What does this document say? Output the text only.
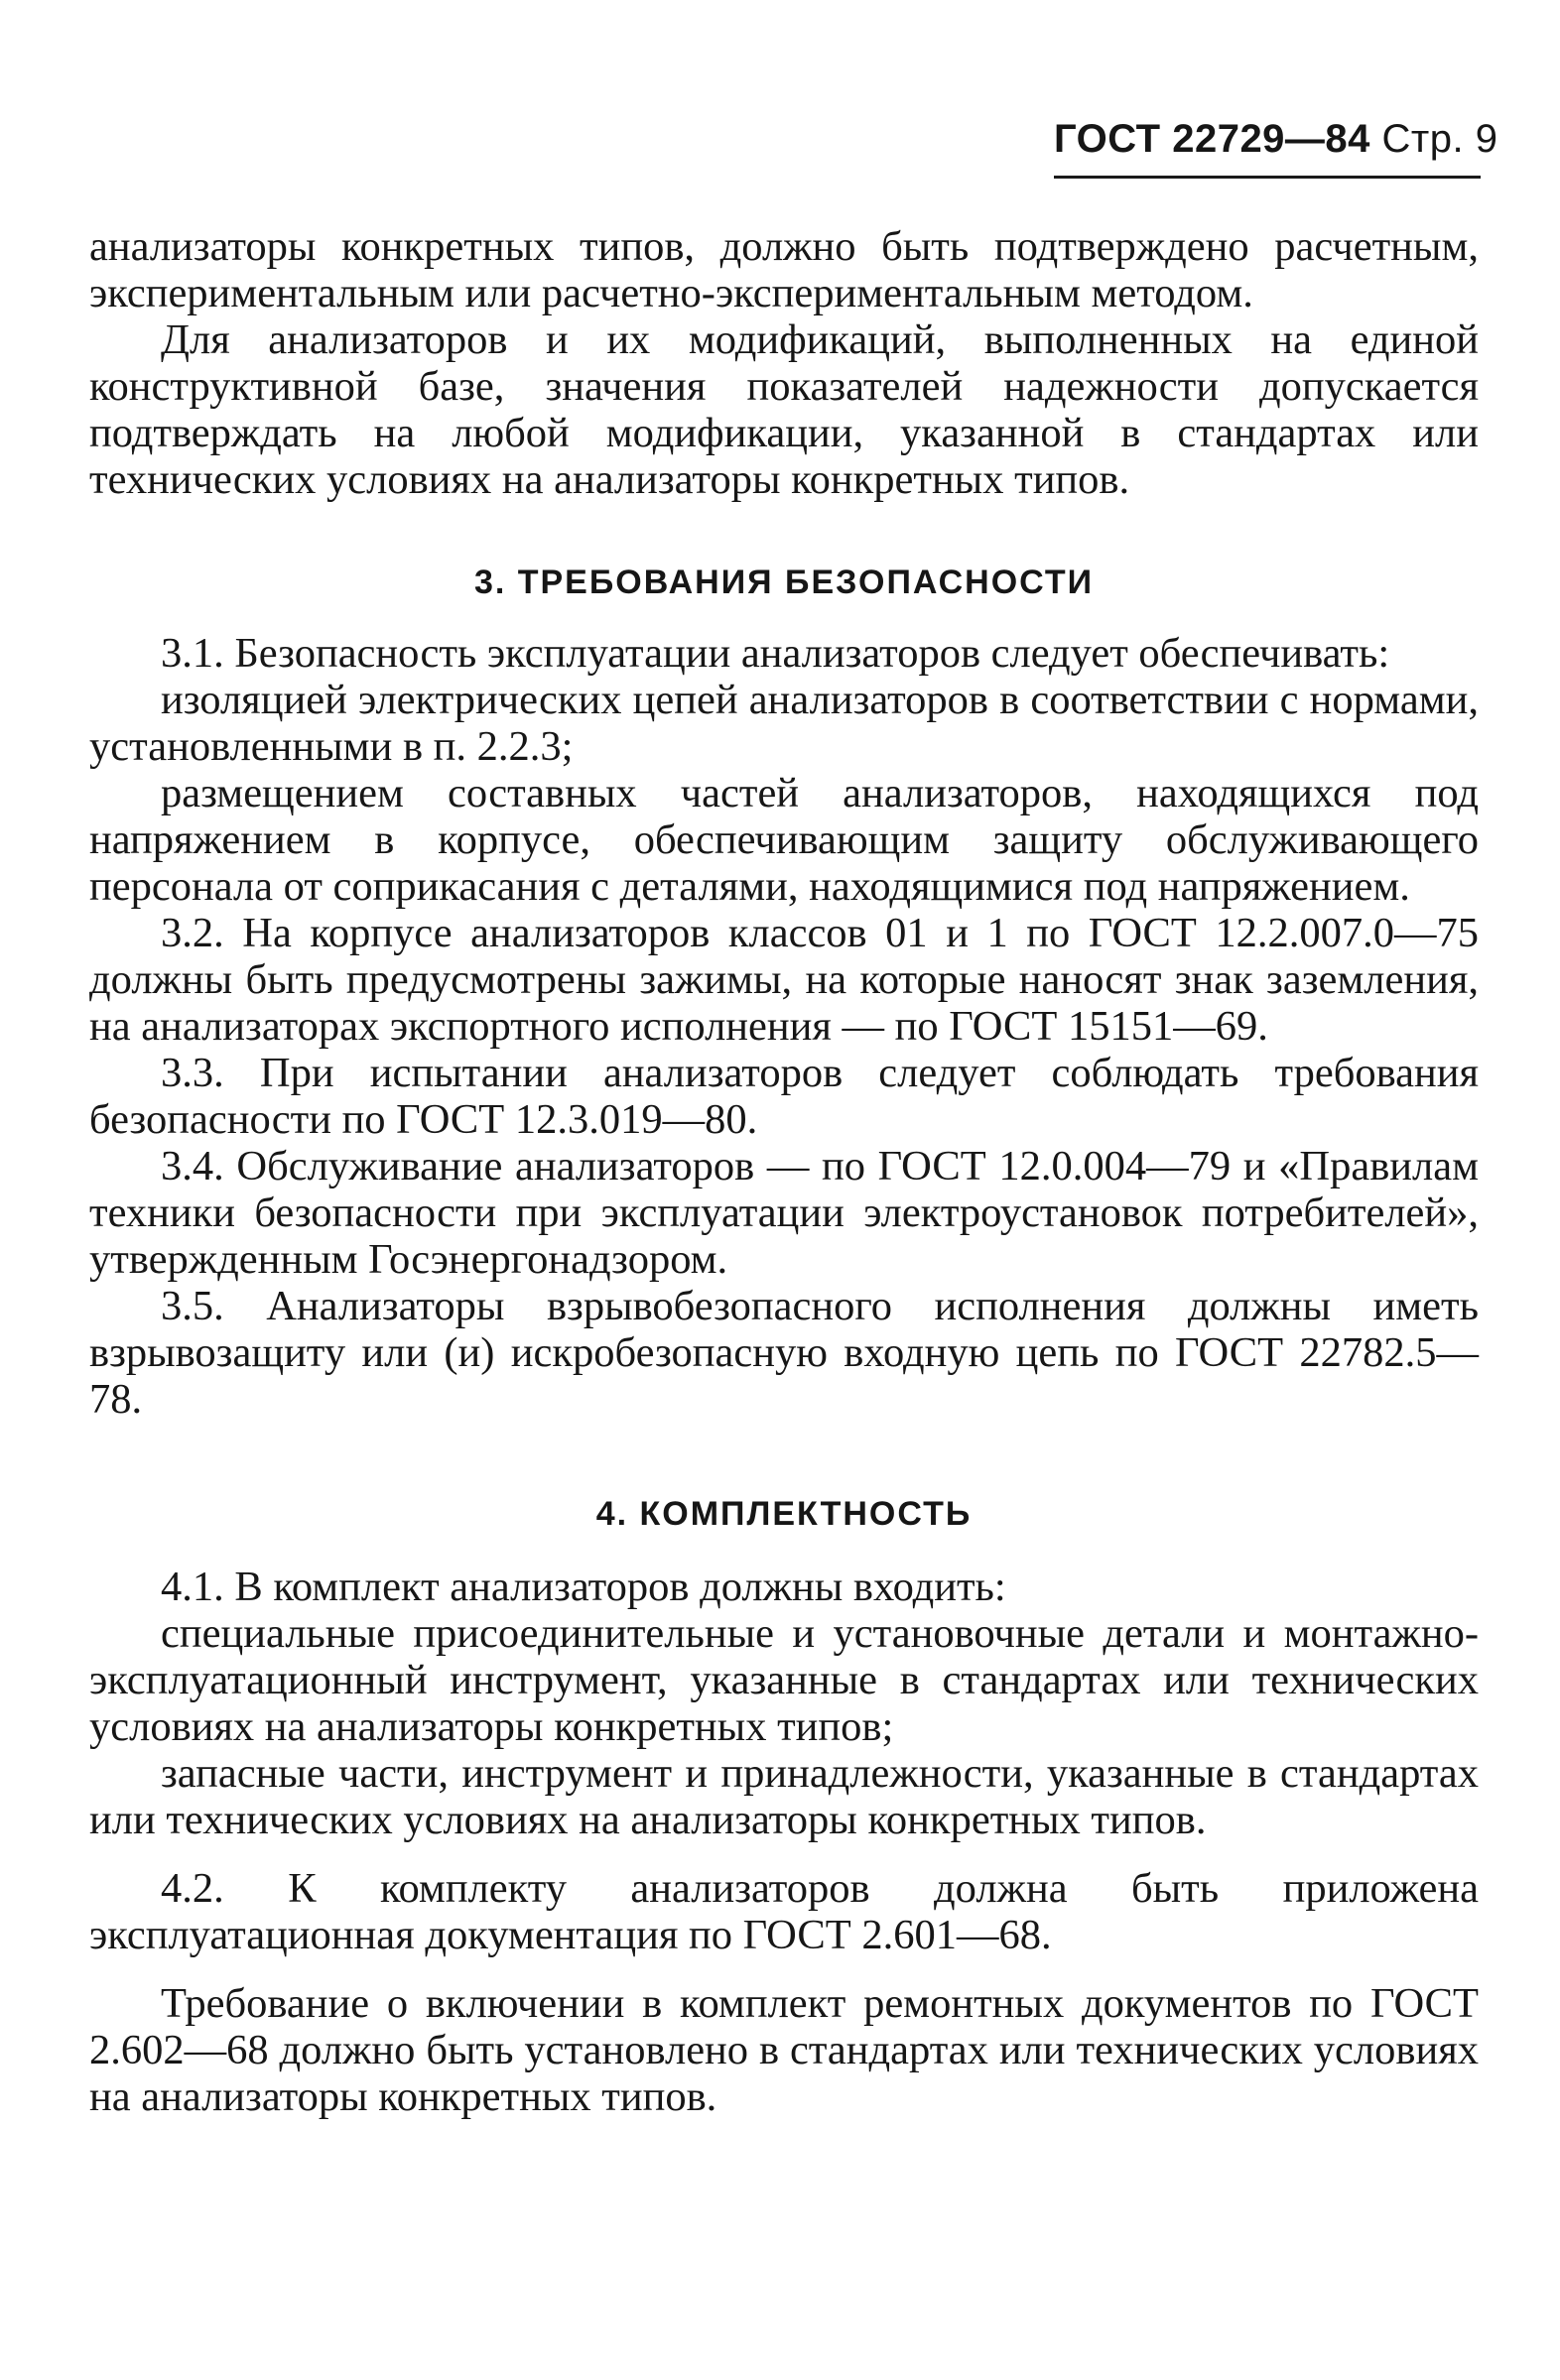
ГОСТ 22729—84 Стр. 9

анализаторы конкретных типов, должно быть подтверждено расчетным, экспериментальным или расчетно-экспериментальным методом.

Для анализаторов и их модификаций, выполненных на единой конструктивной базе, значения показателей надежности допускается подтверждать на любой модификации, указанной в стандартах или технических условиях на анализаторы конкретных типов.

3. ТРЕБОВАНИЯ БЕЗОПАСНОСТИ

3.1. Безопасность эксплуатации анализаторов следует обеспечивать:

изоляцией электрических цепей анализаторов в соответствии с нормами, установленными в п. 2.2.3;

размещением составных частей анализаторов, находящихся под напряжением в корпусе, обеспечивающим защиту обслуживающего персонала от соприкасания с деталями, находящимися под напряжением.

3.2. На корпусе анализаторов классов 01 и 1 по ГОСТ 12.2.007.0—75 должны быть предусмотрены зажимы, на которые наносят знак заземления, на анализаторах экспортного исполнения — по ГОСТ 15151—69.

3.3. При испытании анализаторов следует соблюдать требования безопасности по ГОСТ 12.3.019—80.

3.4. Обслуживание анализаторов — по ГОСТ 12.0.004—79 и «Правилам техники безопасности при эксплуатации электроустановок потребителей», утвержденным Госэнергонадзором.

3.5. Анализаторы взрывобезопасного исполнения должны иметь взрывозащиту или (и) искробезопасную входную цепь по ГОСТ 22782.5—78.

4. КОМПЛЕКТНОСТЬ

4.1. В комплект анализаторов должны входить:

специальные присоединительные и установочные детали и монтажно-эксплуатационный инструмент, указанные в стандартах или технических условиях на анализаторы конкретных типов;

запасные части, инструмент и принадлежности, указанные в стандартах или технических условиях на анализаторы конкретных типов.

4.2. К комплекту анализаторов должна быть приложена эксплуатационная документация по ГОСТ 2.601—68.

Требование о включении в комплект ремонтных документов по ГОСТ 2.602—68 должно быть установлено в стандартах или технических условиях на анализаторы конкретных типов.
